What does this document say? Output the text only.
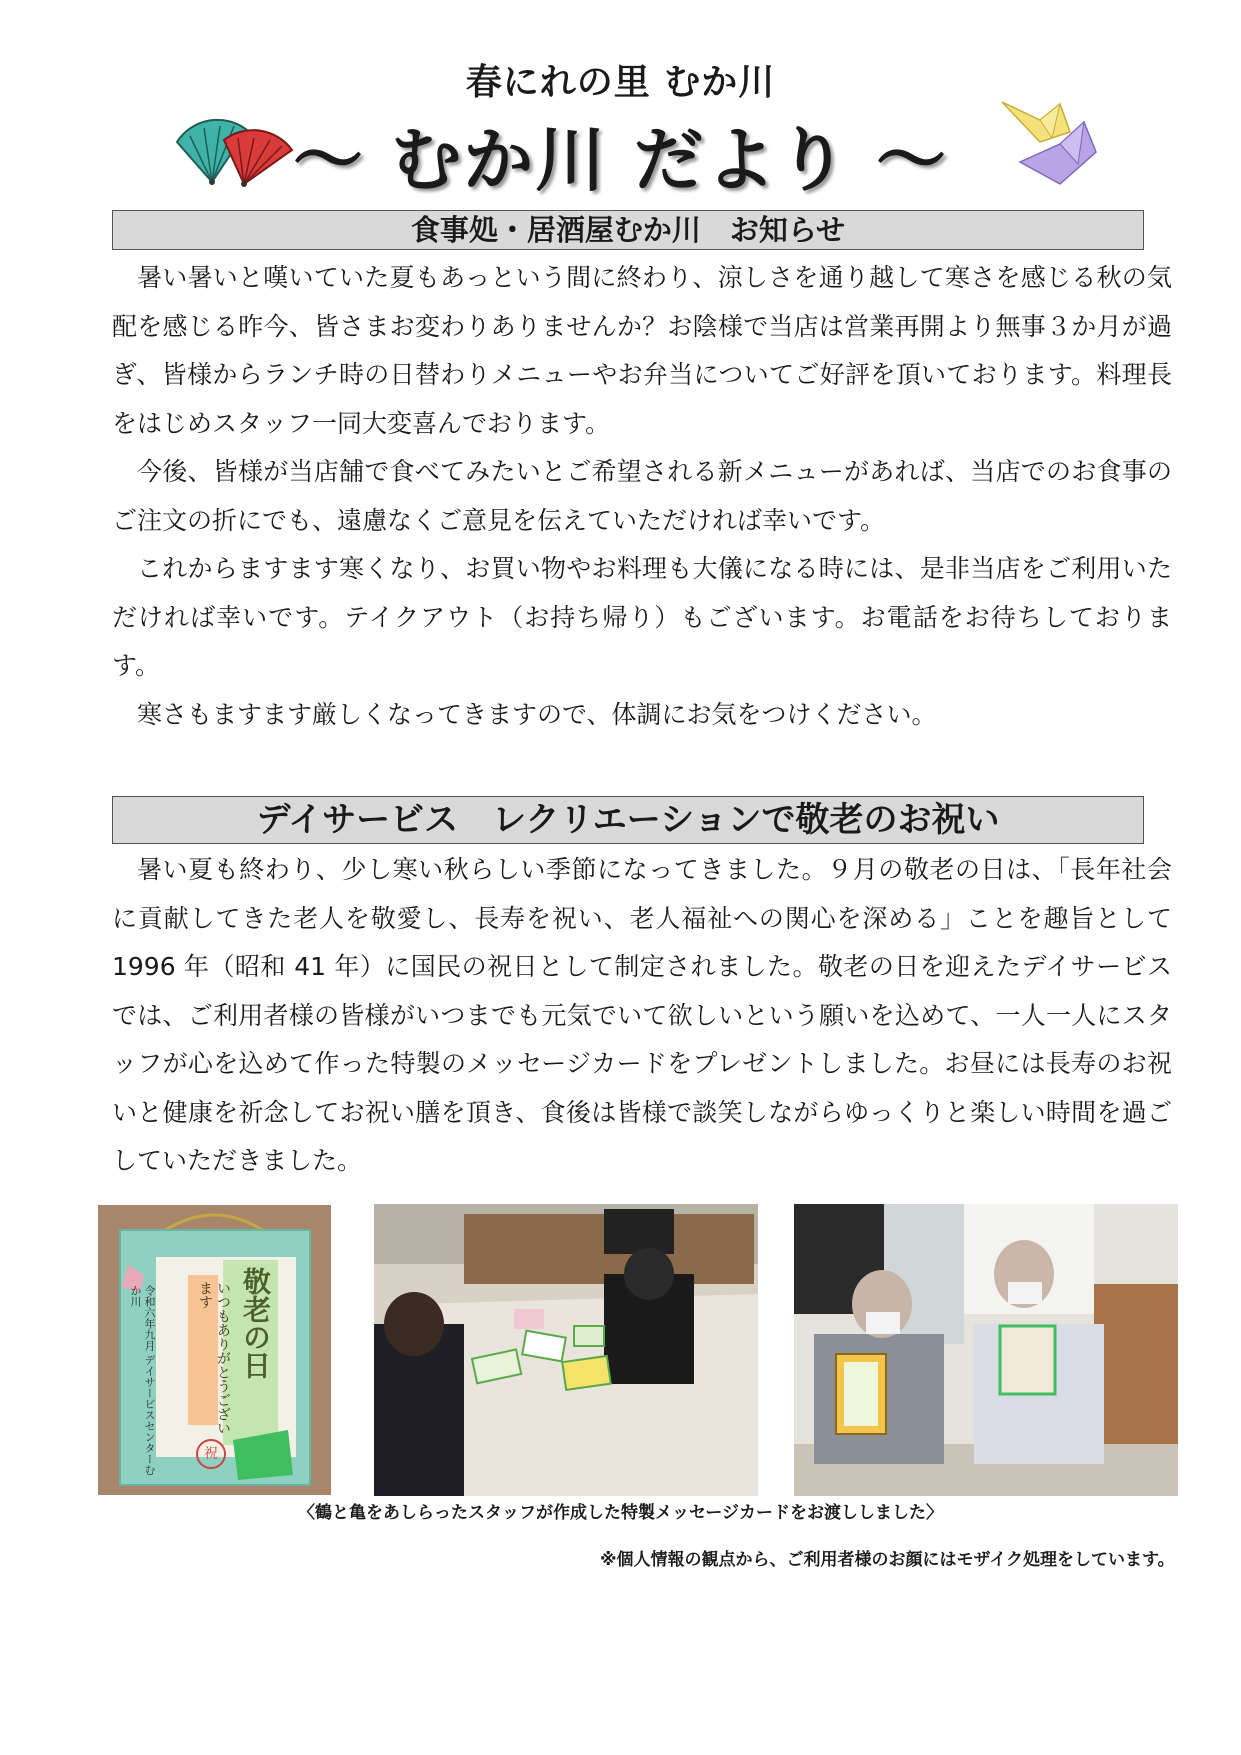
春にれの里 むか川
～ むか川 だより ～
食事処・居酒屋むか川　お知らせ

暑い暑いと嘆いていた夏もあっという間に終わり、涼しさを通り越して寒さを感じる秋の気配を感じる昨今、皆さまお変わりありませんか？お陰様で当店は営業再開より無事３か月が過ぎ、皆様からランチ時の日替わりメニューやお弁当についてご好評を頂いております。料理長をはじめスタッフ一同大変喜んでおります。

今後、皆様が当店舗で食べてみたいとご希望される新メニューがあれば、当店でのお食事のご注文の折にでも、遠慮なくご意見を伝えていただければ幸いです。

これからますます寒くなり、お買い物やお料理も大儀になる時には、是非当店をご利用いただければ幸いです。テイクアウト（お持ち帰り）もございます。お電話をお待ちしております。

寒さもますます厳しくなってきますので、体調にお気をつけください。

デイサービス　レクリエーションで敬老のお祝い

暑い夏も終わり、少し寒い秋らしい季節になってきました。９月の敬老の日は、「長年社会に貢献してきた老人を敬愛し、長寿を祝い、老人福祉への関心を深める」ことを趣旨として1996 年（昭和 41 年）に国民の祝日として制定されました。敬老の日を迎えたデイサービスでは、ご利用者様の皆様がいつまでも元気でいて欲しいという願いを込めて、一人一人にスタッフが心を込めて作った特製のメッセージカードをプレゼントしました。お昼には長寿のお祝いと健康を祈念してお祝い膳を頂き、食後は皆様で談笑しながらゆっくりと楽しい時間を過ごしていただきました。

敬老の日
いつもありがとうございます
令和六年九月 デイサービスセンターむか川
祝
〈鶴と亀をあしらったスタッフが作成した特製メッセージカードをお渡ししました〉
※個人情報の観点から、ご利用者様のお顔にはモザイク処理をしています。
